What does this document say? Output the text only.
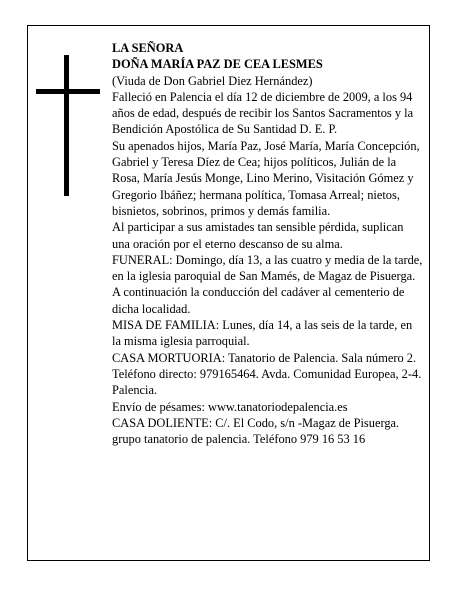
LA SEÑORA

DOÑA MARÍA PAZ DE CEA LESMES

(Viuda de Don Gabriel Diez Hernández)

Falleció en Palencia el día 12 de diciembre de 2009, a los 94 años de edad, después de recibir los Santos Sacramentos y la Bendición Apostólica de Su Santidad D. E. P.

Su apenados hijos, María Paz, José María, María Concepción, Gabriel y Teresa Díez de Cea; hijos políticos, Julián de la Rosa, María Jesús Monge, Lino Merino, Visitación Gómez y Gregorio Ibáñez; hermana política, Tomasa Arreal; nietos, bisnietos, sobrinos, primos y demás familia.

Al participar a sus amistades tan sensible pérdida, suplican una oración por el eterno descanso de su alma.

FUNERAL: Domingo, día 13, a las cuatro y media de la tarde, en la iglesia paroquial de San Mamés, de Magaz de Pisuerga. A continuación la conducción del cadáver al cementerio de dicha localidad.

MISA DE FAMILIA: Lunes, día 14, a las seis de la tarde, en la misma iglesia parroquial.

CASA MORTUORIA: Tanatorio de Palencia. Sala número 2. Teléfono directo: 979165464. Avda. Comunidad Europea, 2-4. Palencia.

Envío de pésames: www.tanatoriodepalencia.es

CASA DOLIENTE: C/. El Codo, s/n -Magaz de Pisuerga.

grupo tanatorio de palencia. Teléfono 979 16 53 16
